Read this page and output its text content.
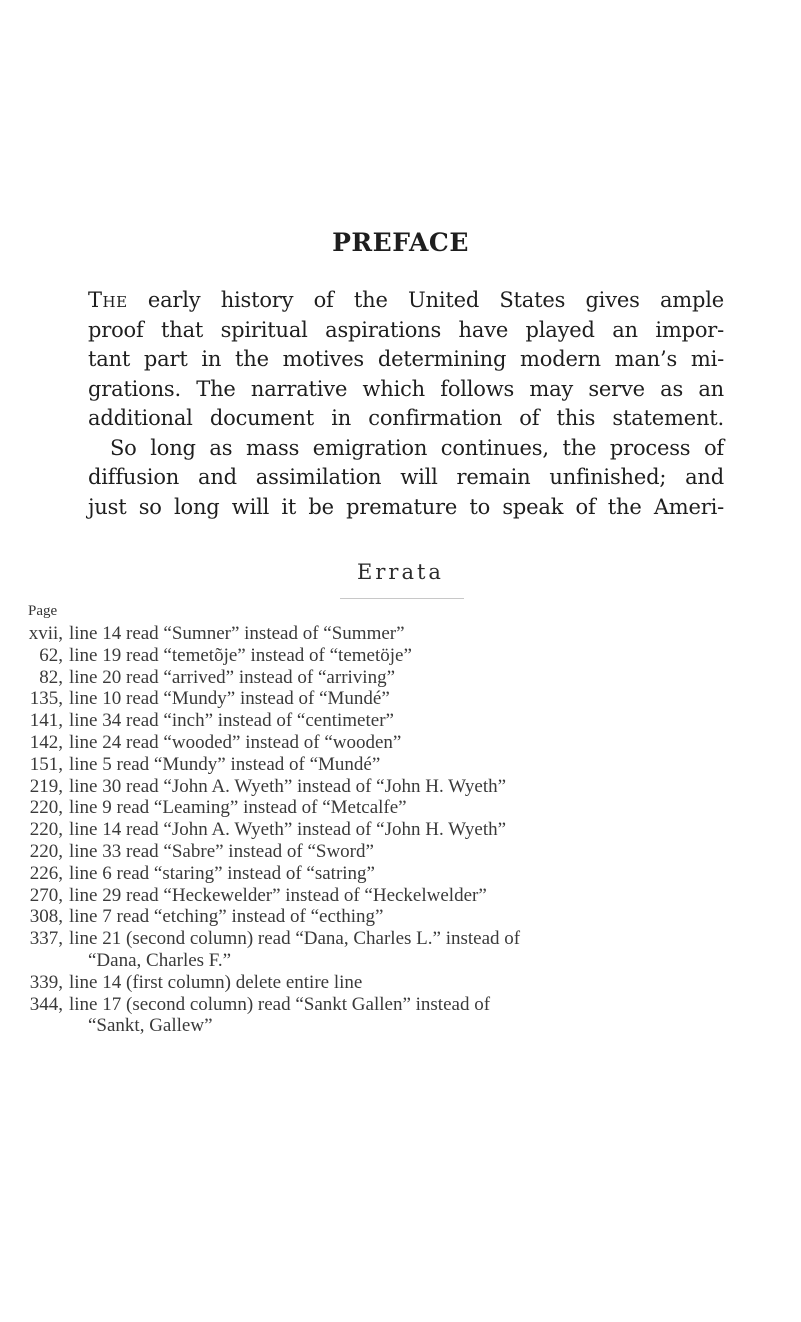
PREFACE
The early history of the United States gives ample
proof that spiritual aspirations have played an impor-
tant part in the motives determining modern man’s mi-
grations. The narrative which follows may serve as an
additional document in confirmation of this statement.
So long as mass emigration continues, the process of
diffusion and assimilation will remain unfinished; and
just so long will it be premature to speak of the Ameri-
Errata
Page
xvii, line 14 read “Sumner” instead of “Summer”
62, line 19 read “temetõje” instead of “temetöje”
82, line 20 read “arrived” instead of “arriving”
135, line 10 read “Mundy” instead of “Mundé”
141, line 34 read “inch” instead of “centimeter”
142, line 24 read “wooded” instead of “wooden”
151, line 5 read “Mundy” instead of “Mundé”
219, line 30 read “John A. Wyeth” instead of “John H. Wyeth”
220, line 9 read “Leaming” instead of “Metcalfe”
220, line 14 read “John A. Wyeth” instead of “John H. Wyeth”
220, line 33 read “Sabre” instead of “Sword”
226, line 6 read “staring” instead of “satring”
270, line 29 read “Heckewelder” instead of “Heckelwelder”
308, line 7 read “etching” instead of “ecthing”
337, line 21 (second column) read “Dana, Charles L.” instead of
“Dana, Charles F.”
339, line 14 (first column) delete entire line
344, line 17 (second column) read “Sankt Gallen” instead of
“Sankt, Gallew”
